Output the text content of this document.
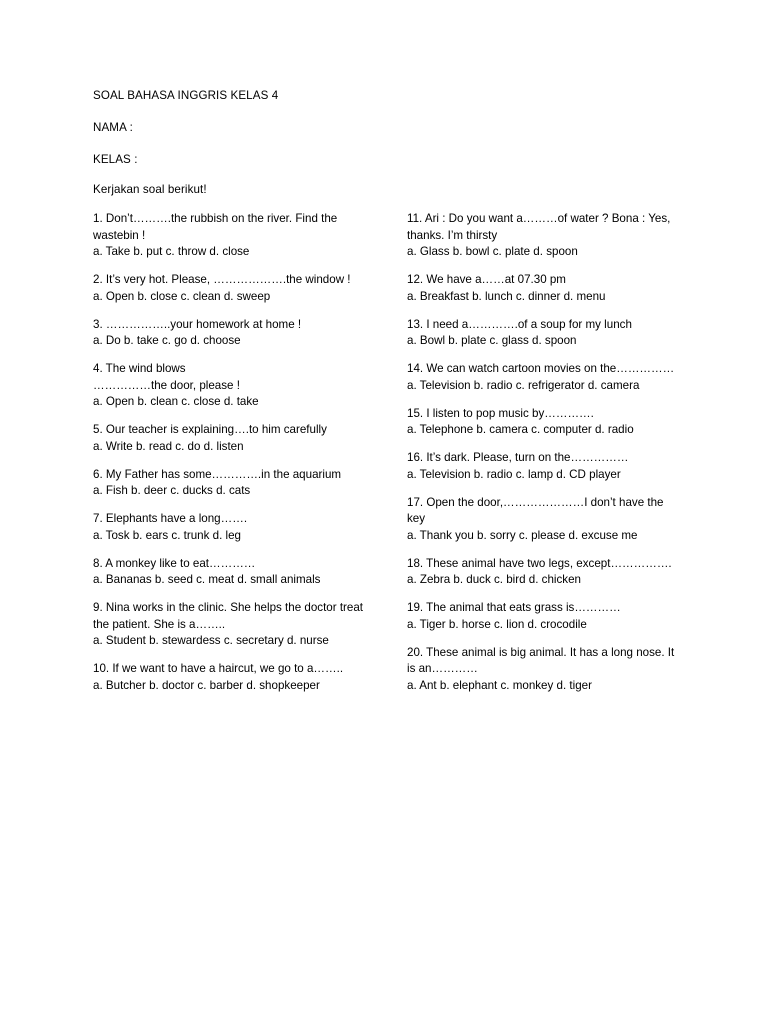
SOAL BAHASA INGGRIS KELAS 4
NAMA :
KELAS :
Kerjakan soal berikut!
1. Don’t……….the rubbish on the river. Find the wastebin !
a. Take b. put c. throw d. close
2. It’s very hot. Please, ……………….the window !
a. Open b. close c. clean d. sweep
3. ……………..your homework at home !
a. Do b. take c. go d. choose
4. The wind blows ……………the door, please !
a. Open b. clean c. close d. take
5. Our teacher is explaining….to him carefully
a. Write b. read c. do d. listen
6. My Father has some………….in the aquarium
a. Fish b. deer c. ducks d. cats
7. Elephants have a long…….
a. Tosk b. ears c. trunk d. leg
8. A monkey like to eat…………
a. Bananas b. seed c. meat d. small animals
9. Nina works in the clinic. She helps the doctor treat the patient. She is a……..
a. Student b. stewardess c. secretary d. nurse
10. If we want to have a haircut, we go to a……..
a. Butcher b. doctor c. barber d. shopkeeper
11. Ari : Do you want a………of water ? Bona : Yes, thanks. I’m thirsty
a. Glass b. bowl c. plate d. spoon
12. We have a……at 07.30 pm
a. Breakfast b. lunch c. dinner d. menu
13. I need a………….of a soup for my lunch
a. Bowl b. plate c. glass d. spoon
14. We can watch cartoon movies on the……………
a. Television b. radio c. refrigerator d. camera
15. I listen to pop music by………….
a. Telephone b. camera c. computer d. radio
16. It’s dark. Please, turn on the……………
a. Television b. radio c. lamp d. CD player
17. Open the door,…………………I don’t have the key
a. Thank you b. sorry c. please d. excuse me
18. These animal have two legs, except…………….
a. Zebra b. duck c. bird d. chicken
19. The animal that eats grass is…………
a. Tiger b. horse c. lion d. crocodile
20. These animal is big animal. It has a long nose. It is an…………
a. Ant b. elephant c. monkey d. tiger
